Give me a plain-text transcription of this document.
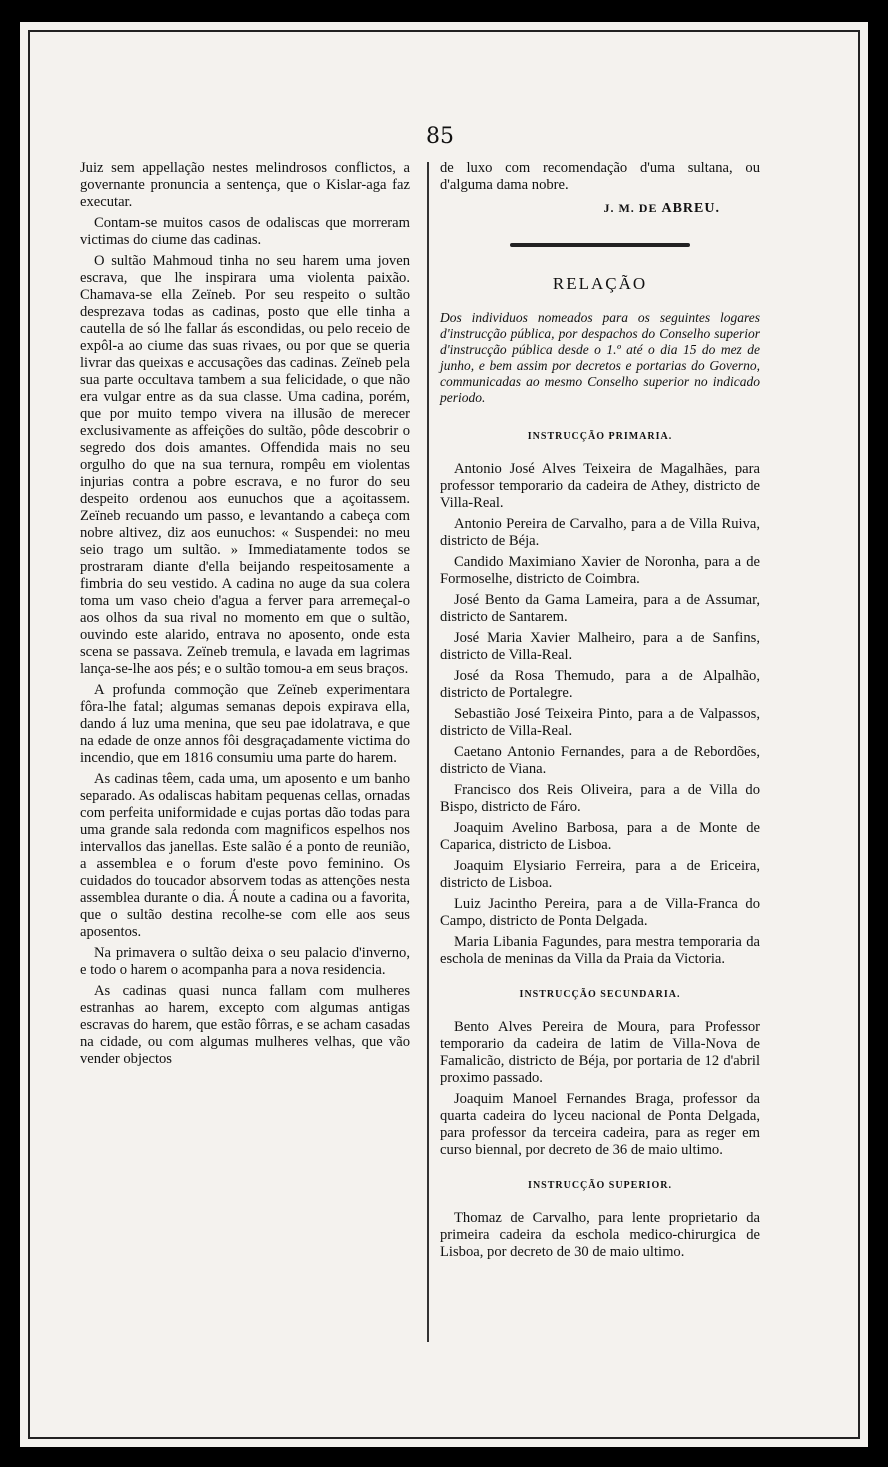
85

Juiz sem appellação nestes melindrosos conflictos, a governante pronuncia a sentença, que o Kislar-aga faz executar.

Contam-se muitos casos de odaliscas que morreram victimas do ciume das cadinas.

O sultão Mahmoud tinha no seu harem uma joven escrava, que lhe inspirara uma violenta paixão. Chamava-se ella Zeïneb. Por seu respeito o sultão desprezava todas as cadinas, posto que elle tinha a cautella de só lhe fallar ás escondidas, ou pelo receio de expôl-a ao ciume das suas rivaes, ou por que se queria livrar das queixas e accusações das cadinas. Zeïneb pela sua parte occultava tambem a sua felicidade, o que não era vulgar entre as da sua classe. Uma cadina, porém, que por muito tempo vivera na illusão de merecer exclusivamente as affeições do sultão, pôde descobrir o segredo dos dois amantes. Offendida mais no seu orgulho do que na sua ternura, rompêu em violentas injurias contra a pobre escrava, e no furor do seu despeito ordenou aos eunuchos que a açoitassem. Zeïneb recuando um passo, e levantando a cabeça com nobre altivez, diz aos eunuchos: « Suspendei: no meu seio trago um sultão. » Immediatamente todos se prostraram diante d'ella beijando respeitosamente a fimbria do seu vestido. A cadina no auge da sua colera toma um vaso cheio d'agua a ferver para arremeçal-o aos olhos da sua rival no momento em que o sultão, ouvindo este alarido, entrava no aposento, onde esta scena se passava. Zeïneb tremula, e lavada em lagrimas lança-se-lhe aos pés; e o sultão tomou-a em seus braços.

A profunda commoção que Zeïneb experimentara fôra-lhe fatal; algumas semanas depois expirava ella, dando á luz uma menina, que seu pae idolatrava, e que na edade de onze annos fôi desgraçadamente victima do incendio, que em 1816 consumiu uma parte do harem.

As cadinas têem, cada uma, um aposento e um banho separado. As odaliscas habitam pequenas cellas, ornadas com perfeita uniformidade e cujas portas dão todas para uma grande sala redonda com magnificos espelhos nos intervallos das janellas. Este salão é a ponto de reunião, a assemblea e o forum d'este povo feminino. Os cuidados do toucador absorvem todas as attenções nesta assemblea durante o dia. Á noute a cadina ou a favorita, que o sultão destina recolhe-se com elle aos seus aposentos.

Na primavera o sultão deixa o seu palacio d'inverno, e todo o harem o acompanha para a nova residencia.

As cadinas quasi nunca fallam com mulheres estranhas ao harem, excepto com algumas antigas escravas do harem, que estão fôrras, e se acham casadas na cidade, ou com algumas mulheres velhas, que vão vender objectos

de luxo com recomendação d'uma sultana, ou d'alguma dama nobre.

J. M. DE ABREU.
RELAÇÃO
Dos individuos nomeados para os seguintes logares d'instrucção pública, por despachos do Conselho superior d'instrucção pública desde o 1.º até o dia 15 do mez de junho, e bem assim por decretos e portarias do Governo, communicadas ao mesmo Conselho superior no indicado periodo.
INSTRUCÇÃO PRIMARIA.

Antonio José Alves Teixeira de Magalhães, para professor temporario da cadeira de Athey, districto de Villa-Real.

Antonio Pereira de Carvalho, para a de Villa Ruiva, districto de Béja.

Candido Maximiano Xavier de Noronha, para a de Formoselhe, districto de Coimbra.

José Bento da Gama Lameira, para a de Assumar, districto de Santarem.

José Maria Xavier Malheiro, para a de Sanfins, districto de Villa-Real.

José da Rosa Themudo, para a de Alpalhão, districto de Portalegre.

Sebastião José Teixeira Pinto, para a de Valpassos, districto de Villa-Real.

Caetano Antonio Fernandes, para a de Rebordões, districto de Viana.

Francisco dos Reis Oliveira, para a de Villa do Bispo, districto de Fáro.

Joaquim Avelino Barbosa, para a de Monte de Caparica, districto de Lisboa.

Joaquim Elysiario Ferreira, para a de Ericeira, districto de Lisboa.

Luiz Jacintho Pereira, para a de Villa-Franca do Campo, districto de Ponta Delgada.

Maria Libania Fagundes, para mestra temporaria da eschola de meninas da Villa da Praia da Victoria.

INSTRUCÇÃO SECUNDARIA.

Bento Alves Pereira de Moura, para Professor temporario da cadeira de latim de Villa-Nova de Famalicão, districto de Béja, por portaria de 12 d'abril proximo passado.

Joaquim Manoel Fernandes Braga, professor da quarta cadeira do lyceu nacional de Ponta Delgada, para professor da terceira cadeira, para as reger em curso biennal, por decreto de 36 de maio ultimo.

INSTRUCÇÃO SUPERIOR.

Thomaz de Carvalho, para lente proprietario da primeira cadeira da eschola medico-chirurgica de Lisboa, por decreto de 30 de maio ultimo.
